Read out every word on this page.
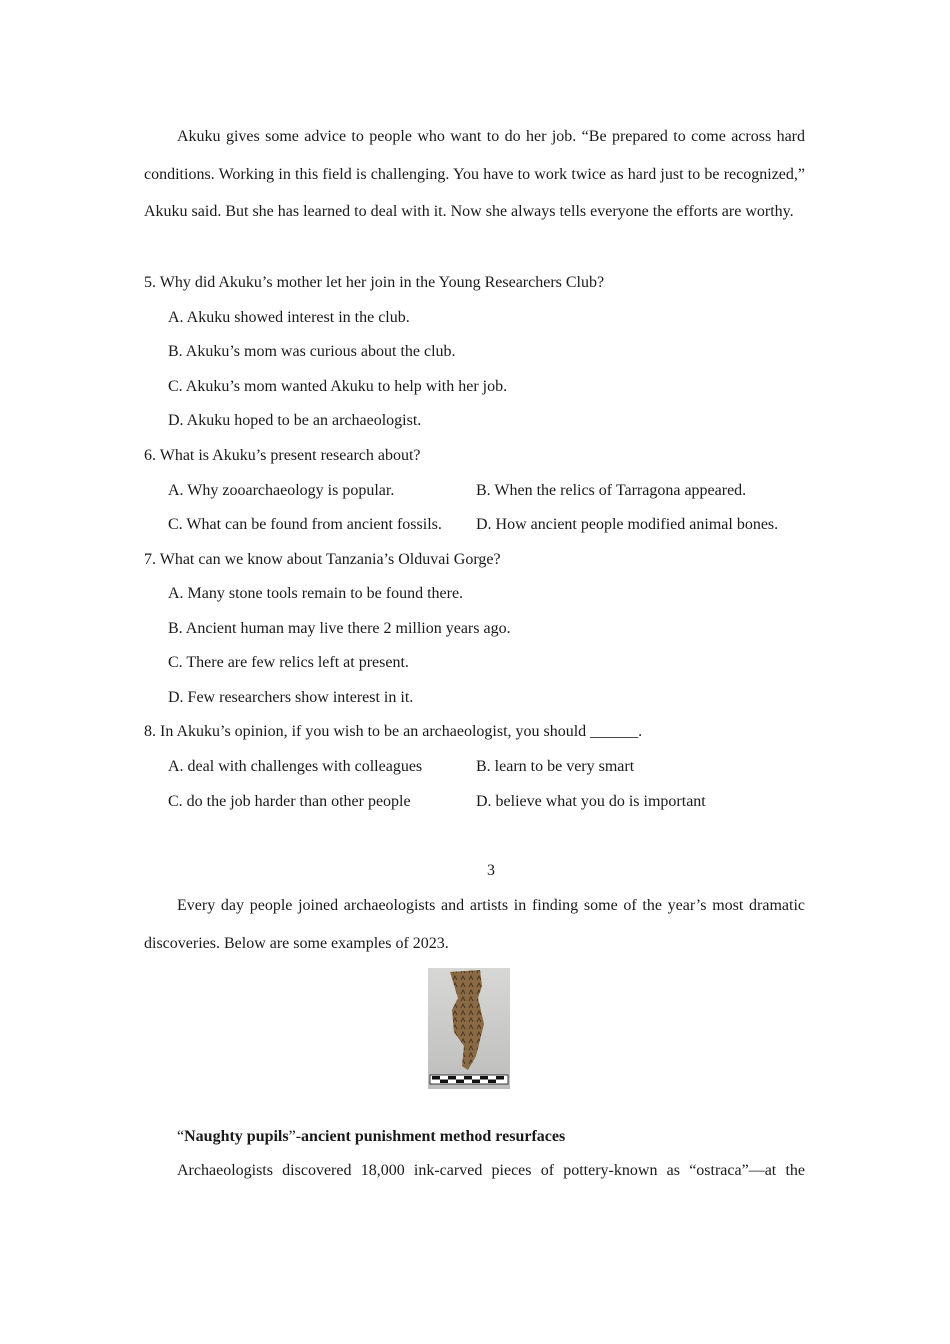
Akuku gives some advice to people who want to do her job. “Be prepared to come across hard conditions. Working in this field is challenging. You have to work twice as hard just to be recognized,” Akuku said. But she has learned to deal with it. Now she always tells everyone the efforts are worthy.

5. Why did Akuku’s mother let her join in the Young Researchers Club?

A. Akuku showed interest in the club.

B. Akuku’s mom was curious about the club.

C. Akuku’s mom wanted Akuku to help with her job.

D. Akuku hoped to be an archaeologist.

6. What is Akuku’s present research about?

A. Why zooarchaeology is popular.	B. When the relics of Tarragona appeared.

C. What can be found from ancient fossils. D. How ancient people modified animal bones.

7. What can we know about Tanzania’s Olduvai Gorge?

A. Many stone tools remain to be found there.

B. Ancient human may live there 2 million years ago.

C. There are few relics left at present.

D. Few researchers show interest in it.

8. In Akuku’s opinion, if you wish to be an archaeologist, you should ______.

A. deal with challenges with colleagues	B. learn to be very smart

C. do the job harder than other people	D. believe what you do is important

3

Every day people joined archaeologists and artists in finding some of the year’s most dramatic discoveries. Below are some examples of 2023.

“Naughty pupils”-ancient punishment method resurfaces

Archaeologists discovered 18,000 ink-carved pieces of pottery-known as “ostraca”—at the
